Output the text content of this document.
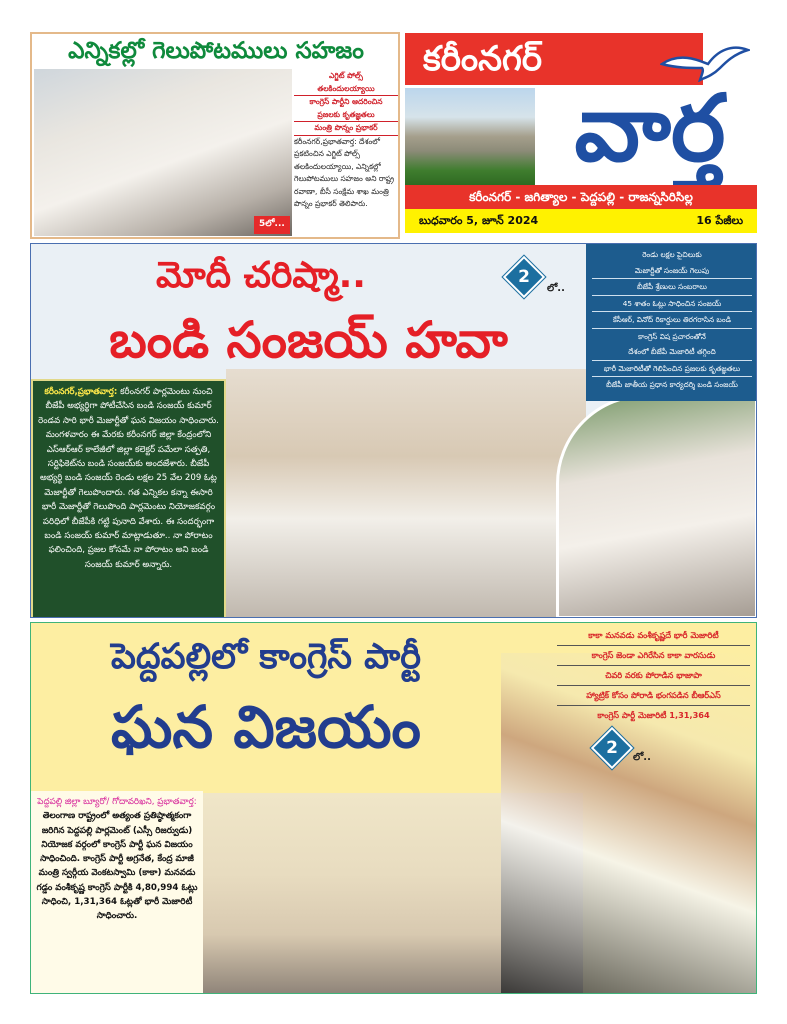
ఎన్నికల్లో గెలుపోటములు సహజం
5లో...
ఎగ్జిట్ పోల్స్
తలకిందులయ్యాయి
కాంగ్రెస్ పార్టీని ఆదరించిన
ప్రజలకు కృతజ్ఞతలు
మంత్రి పొన్నం ప్రభాకర్
కరీంనగర్,ప్రభాతవార్త: దేశంలో ప్రకటించిన ఎగ్జిట్ పోల్స్ తలకిందులయ్యాయి, ఎన్నికల్లో గెలుపోటములు సహజం అని రాష్ట్ర రవాణా, బీసీ సంక్షేమ శాఖ మంత్రి పొన్నం ప్రభాకర్ తెలిపారు.
కరీంనగర్
వార్త
కరీంనగర్ - జగిత్యాల - పెద్దపల్లి - రాజన్నసిరిసిల్ల
బుధవారం 5, జూన్ 2024	16 పేజీలు
మోదీ చరిష్మా..	2
లో..
బండి సంజయ్ హవా
రెండు లక్షల పైచిలుకు
మెజార్టీతో సంజయ్ గెలుపు
బీజేపీ శ్రేణులు సంబరాలు
45 శాతం ఓట్లు సాధించిన సంజయ్
కేసీఆర్, వినోద్ రికార్డులు తిరగరాసిన బండి
కాంగ్రెస్ విష ప్రచారంతోనే
దేశంలో బీజేపీ మెజారిటీ తగ్గింది
భారీ మెజారిటీతో గెలిపించిన ప్రజలకు కృతజ్ఞతలు
బీజేపీ జాతీయ ప్రధాన కార్యదర్శి బండి సంజయ్
కరీంనగర్,ప్రభాతవార్త: కరీంనగర్ పార్లమెంటు నుంచి బీజేపీ అభ్యర్థిగా పోటీచేసిన బండి సంజయ్ కుమార్ రెండవ సారి భారీ మెజార్టీతో ఘన విజయం సాధించారు. మంగళవారం ఈ మేరకు కరీంనగర్ జిల్లా కేంద్రంలోని ఎస్ఆర్ఆర్ కాలేజీలో జిల్లా కలెక్టర్ పమేలా సత్పతి, సర్టిఫికెట్‌ను బండి సంజయ్‌కు అందజేశారు. బీజేపీ అభ్యర్థి బండి సంజయ్ రెండు లక్షల 25 వేల 209 ఓట్ల మెజార్టీతో గెలుపొందారు. గత ఎన్నికల కన్నా ఈసారి భారీ మెజార్టీతో గెలుపొంది పార్లమెంటు నియోజకవర్గం పరిధిలో బీజేపీకి గట్టి పునాది వేశారు. ఈ సందర్భంగా బండి సంజయ్ కుమార్ మాట్లాడుతూ.. నా పోరాటం ఫలించింది, ప్రజల కోసమే నా పోరాటం అని బండి సంజయ్ కుమార్ అన్నారు.
పెద్దపల్లిలో కాంగ్రెస్ పార్టీ
ఘన విజయం
కాకా మనవడు వంశీకృష్ణదే భారీ మెజారిటీ
కాంగ్రెస్ జెండా ఎగిరేసిన కాకా వారసుడు
చివరి వరకు పోరాడిన భాజాపా
హ్యాట్రిక్ కోసం పోరాడి భంగపడిన బీఆర్ఎస్
కాంగ్రెస్ పార్టీ మెజారిటీ 1,31,364
2	లో..
పెద్దపల్లి జిల్లా బ్యూరో/ గోదావరిఖని, ప్రభాతవార్త:
తెలంగాణ రాష్ట్రంలో అత్యంత ప్రతిష్ఠాత్మకంగా జరిగిన పెద్దపల్లి పార్లమెంట్ (ఎస్సీ రిజర్వుడు) నియోజక వర్గంలో కాంగ్రెస్ పార్టీ ఘన విజయం సాధించింది. కాంగ్రెస్ పార్టీ అగ్రనేత, కేంద్ర మాజీ మంత్రి స్వర్గీయ వెంకటస్వామి (కాకా) మనవడు గడ్డం వంశీకృష్ణ కాంగ్రెస్ పార్టీకి 4,80,994 ఓట్లు సాధించి, 1,31,364 ఓట్లతో భారీ మెజారిటీ సాధించారు.
